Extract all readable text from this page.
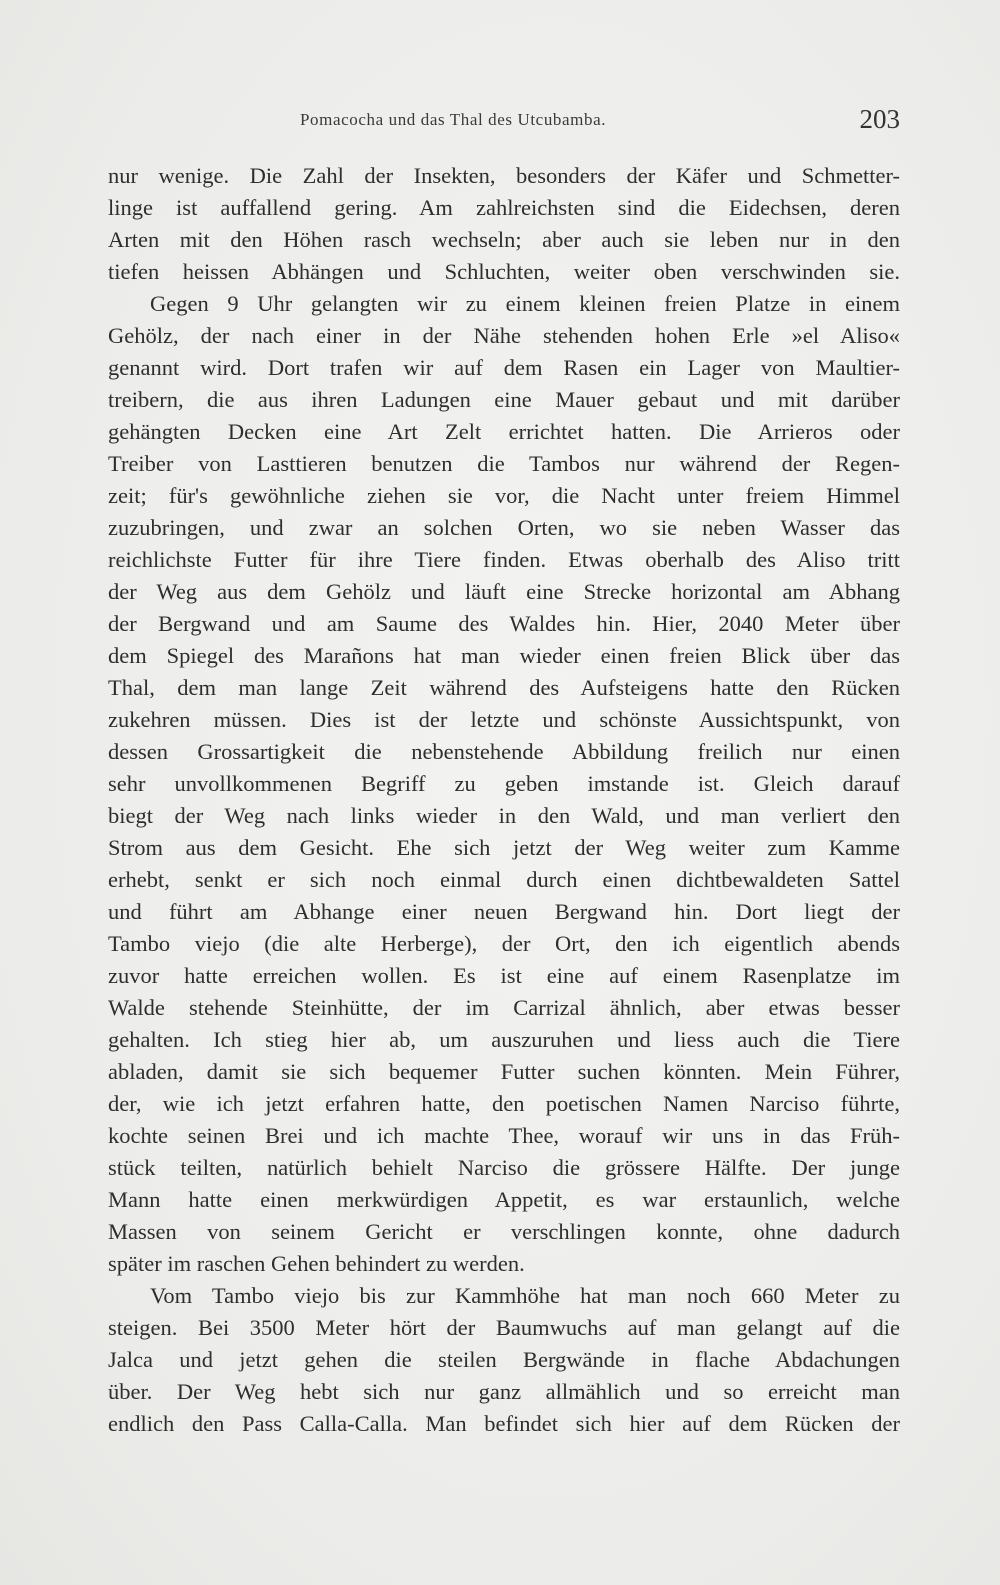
Pomacocha und das Thal des Utcubamba.	203
nur wenige. Die Zahl der Insekten, besonders der Käfer und Schmetter-
linge ist auffallend gering. Am zahlreichsten sind die Eidechsen, deren
Arten mit den Höhen rasch wechseln; aber auch sie leben nur in den
tiefen heissen Abhängen und Schluchten, weiter oben verschwinden sie.
Gegen 9 Uhr gelangten wir zu einem kleinen freien Platze in einem
Gehölz, der nach einer in der Nähe stehenden hohen Erle »el Aliso«
genannt wird. Dort trafen wir auf dem Rasen ein Lager von Maultier-
treibern, die aus ihren Ladungen eine Mauer gebaut und mit darüber
gehängten Decken eine Art Zelt errichtet hatten. Die Arrieros oder
Treiber von Lasttieren benutzen die Tambos nur während der Regen-
zeit; für's gewöhnliche ziehen sie vor, die Nacht unter freiem Himmel
zuzubringen, und zwar an solchen Orten, wo sie neben Wasser das
reichlichste Futter für ihre Tiere finden. Etwas oberhalb des Aliso tritt
der Weg aus dem Gehölz und läuft eine Strecke horizontal am Abhang
der Bergwand und am Saume des Waldes hin. Hier, 2040 Meter über
dem Spiegel des Marañons hat man wieder einen freien Blick über das
Thal, dem man lange Zeit während des Aufsteigens hatte den Rücken
zukehren müssen. Dies ist der letzte und schönste Aussichtspunkt, von
dessen Grossartigkeit die nebenstehende Abbildung freilich nur einen
sehr unvollkommenen Begriff zu geben imstande ist. Gleich darauf
biegt der Weg nach links wieder in den Wald, und man verliert den
Strom aus dem Gesicht. Ehe sich jetzt der Weg weiter zum Kamme
erhebt, senkt er sich noch einmal durch einen dichtbewaldeten Sattel
und führt am Abhange einer neuen Bergwand hin. Dort liegt der
Tambo viejo (die alte Herberge), der Ort, den ich eigentlich abends
zuvor hatte erreichen wollen. Es ist eine auf einem Rasenplatze im
Walde stehende Steinhütte, der im Carrizal ähnlich, aber etwas besser
gehalten. Ich stieg hier ab, um auszuruhen und liess auch die Tiere
abladen, damit sie sich bequemer Futter suchen könnten. Mein Führer,
der, wie ich jetzt erfahren hatte, den poetischen Namen Narciso führte,
kochte seinen Brei und ich machte Thee, worauf wir uns in das Früh-
stück teilten, natürlich behielt Narciso die grössere Hälfte. Der junge
Mann hatte einen merkwürdigen Appetit, es war erstaunlich, welche
Massen von seinem Gericht er verschlingen konnte, ohne dadurch
später im raschen Gehen behindert zu werden.
Vom Tambo viejo bis zur Kammhöhe hat man noch 660 Meter zu
steigen. Bei 3500 Meter hört der Baumwuchs auf man gelangt auf die
Jalca und jetzt gehen die steilen Bergwände in flache Abdachungen
über. Der Weg hebt sich nur ganz allmählich und so erreicht man
endlich den Pass Calla-Calla. Man befindet sich hier auf dem Rücken der
